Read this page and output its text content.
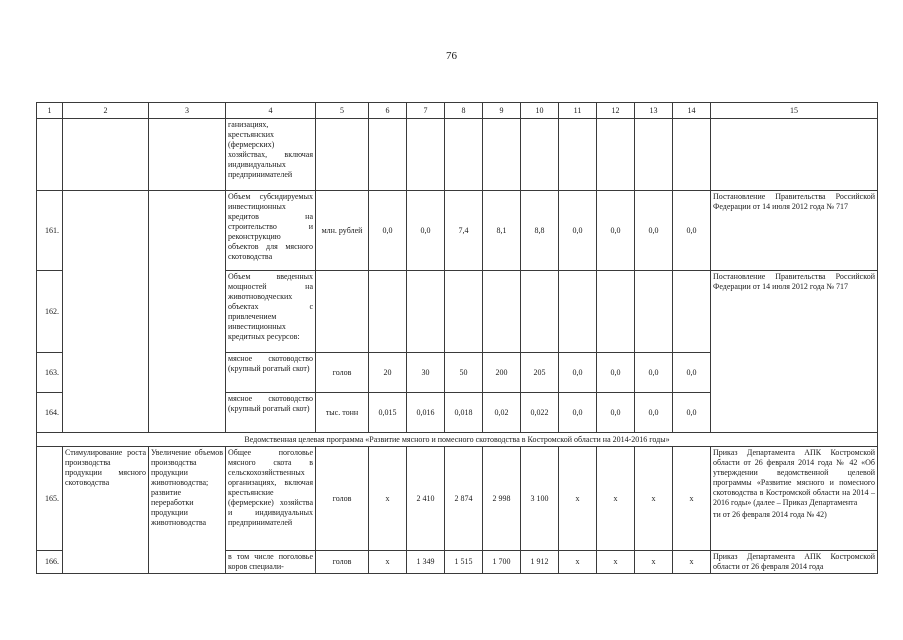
76
1	2	3	4	5	6	7	8	9	10	11	12	13	14	15
			ганизациях, крестьянских (фермерских) хозяйствах, включая индивидуальных предпринимателей											
161.			Объем субсидируемых инвестиционных кредитов на строительство и реконструкцию объектов для мясного скотоводства	млн. рублей	0,0	0,0	7,4	8,1	8,8	0,0	0,0	0,0	0,0	Постановление Правительства Российской Федерации от 14 июля 2012 года № 717
162.			Объем введенных мощностей на животноводческих объектах с привлечением инвестиционных кредитных ресурсов:											Постановление Правительства Российской Федерации от 14 июля 2012 года № 717
163.			мясное скотоводство (крупный рогатый скот)	голов	20	30	50	200	205	0,0	0,0	0,0	0,0	
164.			мясное скотоводство (крупный рогатый скот)	тыс. тонн	0,015	0,016	0,018	0,02	0,022	0,0	0,0	0,0	0,0	
Ведомственная целевая программа «Развитие мясного и помесного скотоводства в Костромской области на 2014-2016 годы»														
165.	Стимулирование роста производства продукции мясного скотоводства	Увеличение объемов производства продукции животноводства; развитие переработки продукции животноводства	Общее поголовье мясного скота в сельскохозяйственных организациях, включая крестьянские (фермерские) хозяйства и индивидуальных предпринимателей	голов	x	2 410	2 874	2 998	3 100	x	x	x	x	Приказ Департамента АПК Костромской области от 26 февраля 2014 года № 42 «Об утверждении ведомственной целевой программы «Развитие мясного и помесного скотоводства в Костромской области на 2014 – 2016 годы» (далее – Приказ Департамента
ти от 26 февраля 2014 года № 42)

166.			в том числе поголовье коров специали-	голов	x	1 349	1 515	1 700	1 912	x	x	x	x	Приказ Департамента АПК Костромской области от 26 февраля 2014 года
